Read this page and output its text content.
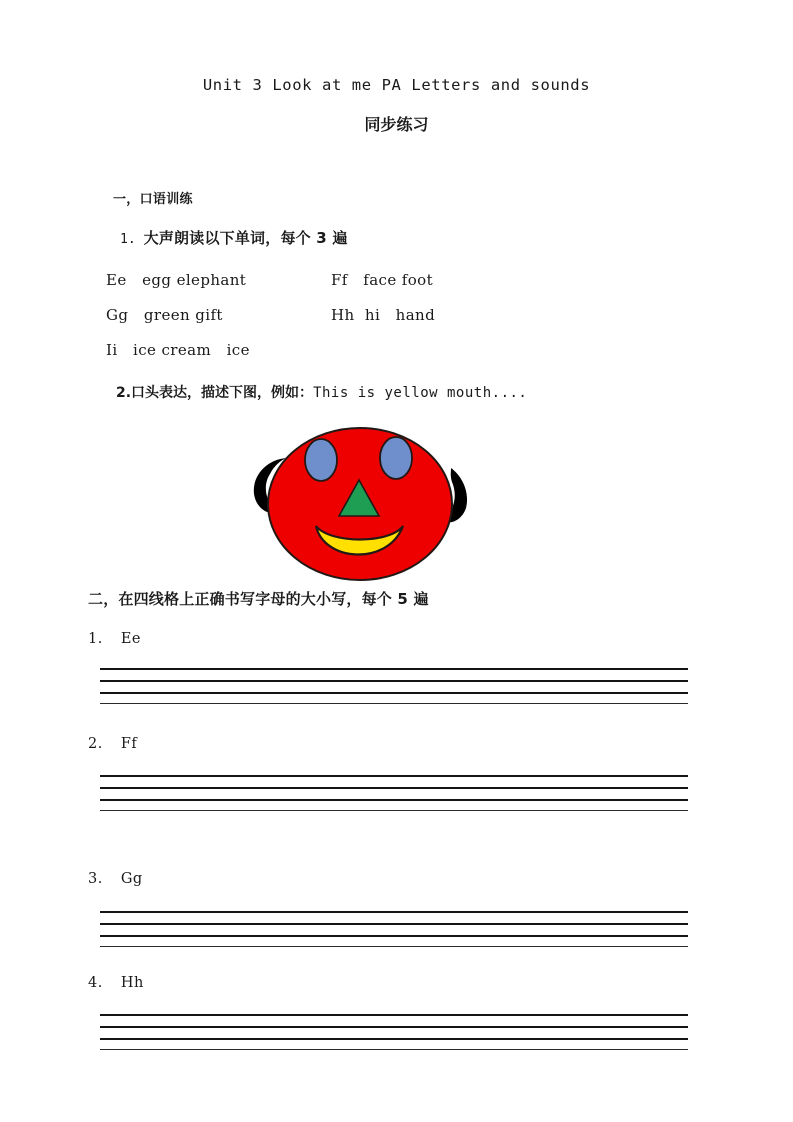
Unit 3 Look at me PA Letters and sounds
同步练习
一，口语训练
1. 大声朗读以下单词，每个 3 遍
Ee   egg elephant	Ff   face foot
Gg   green gift	Hh  hi   hand
Ii   ice cream   ice
2.口头表达，描述下图，例如： This is yellow mouth....
二，在四线格上正确书写字母的大小写，每个 5 遍
1. Ee
2. Ff
3. Gg
4. Hh
